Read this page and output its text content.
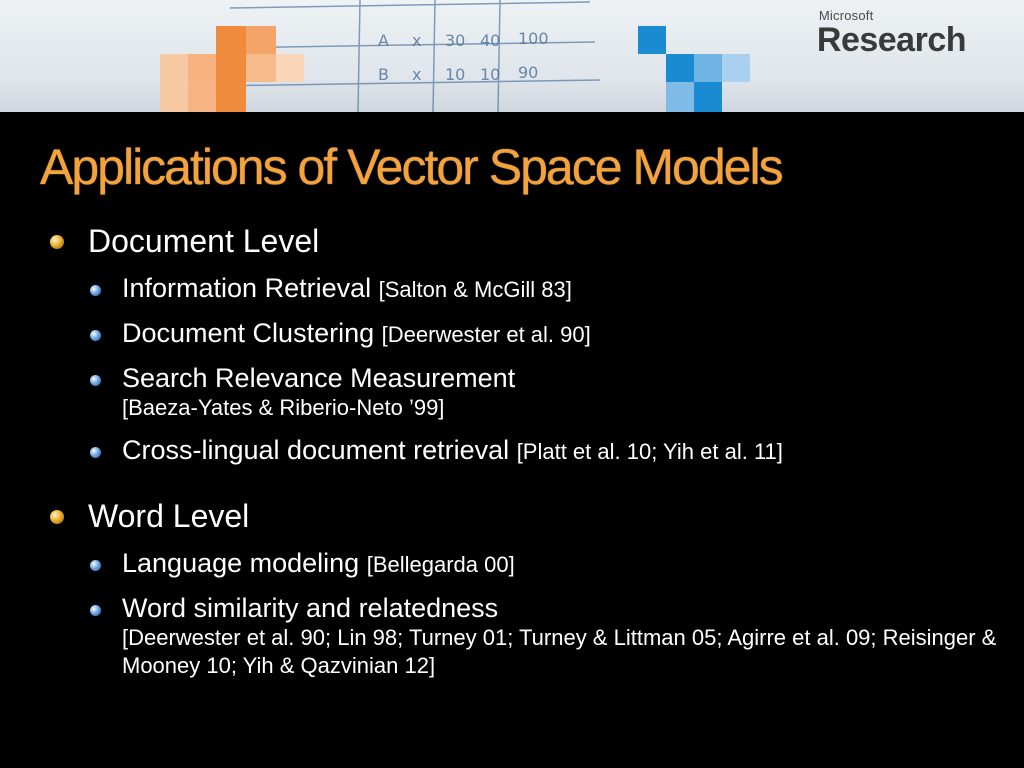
A x 30 40 100
B x 10 10 90
Microsoft
Research
Applications of Vector Space Models
Document Level
Information Retrieval [Salton & McGill 83]
Document Clustering [Deerwester et al. 90]
Search Relevance Measurement
[Baeza-Yates & Riberio-Neto ’99]
Cross-lingual document retrieval [Platt et al. 10; Yih et al. 11]
Word Level
Language modeling [Bellegarda 00]
Word similarity and relatedness
[Deerwester et al. 90; Lin 98; Turney 01; Turney & Littman 05; Agirre et al. 09; Reisinger & Mooney 10; Yih & Qazvinian 12]
